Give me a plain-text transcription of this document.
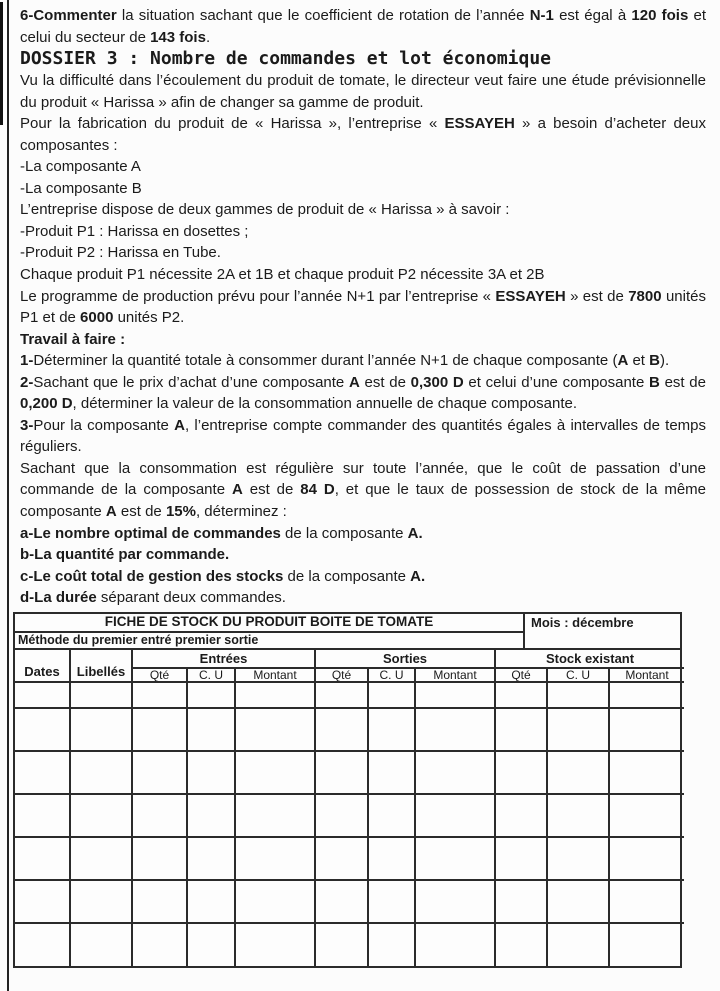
6-Commenter la situation sachant que le coefficient de rotation de l’année N-1 est égal à 120 fois et celui du secteur de 143 fois.

DOSSIER 3 : Nombre de commandes et lot économique

Vu la difficulté dans l’écoulement du produit de tomate, le directeur veut faire une étude prévisionnelle du produit « Harissa » afin de changer sa gamme de produit.

Pour la fabrication du produit de « Harissa », l’entreprise « ESSAYEH » a besoin d’acheter deux composantes :

-La composante A

-La composante B

L’entreprise dispose de deux gammes de produit de « Harissa » à savoir :

-Produit P1 : Harissa en dosettes ;

-Produit P2 : Harissa en Tube.

Chaque produit P1 nécessite 2A et 1B et chaque produit P2 nécessite 3A et 2B

Le programme de production prévu pour l’année N+1 par l’entreprise « ESSAYEH » est de 7800 unités P1 et de 6000 unités P2.

Travail à faire :

1-Déterminer la quantité totale à consommer durant l’année N+1 de chaque composante (A et B).

2-Sachant que le prix d’achat d’une composante A est de 0,300 D et celui d’une composante B est de 0,200 D, déterminer la valeur de la consommation annuelle de chaque composante.

3-Pour la composante A, l’entreprise compte commander des quantités égales à intervalles de temps réguliers.

Sachant que la consommation est régulière sur toute l’année, que le coût de passation d’une commande de la composante A est de 84 D, et que le taux de possession de stock de la même composante A est de 15%, déterminez :

a-Le nombre optimal de commandes de la composante A.

b-La quantité par commande.

c-Le coût total de gestion des stocks de la composante A.

d-La durée séparant deux commandes.

FICHE DE STOCK DU PRODUIT BOITE DE TOMATE
Méthode du premier entré premier sortie
Mois : décembre
Dates	Libellés	Entrées			Sorties			Stock existant		
		Qté	C. U	Montant	Qté	C. U	Montant	Qté	C. U	Montant
